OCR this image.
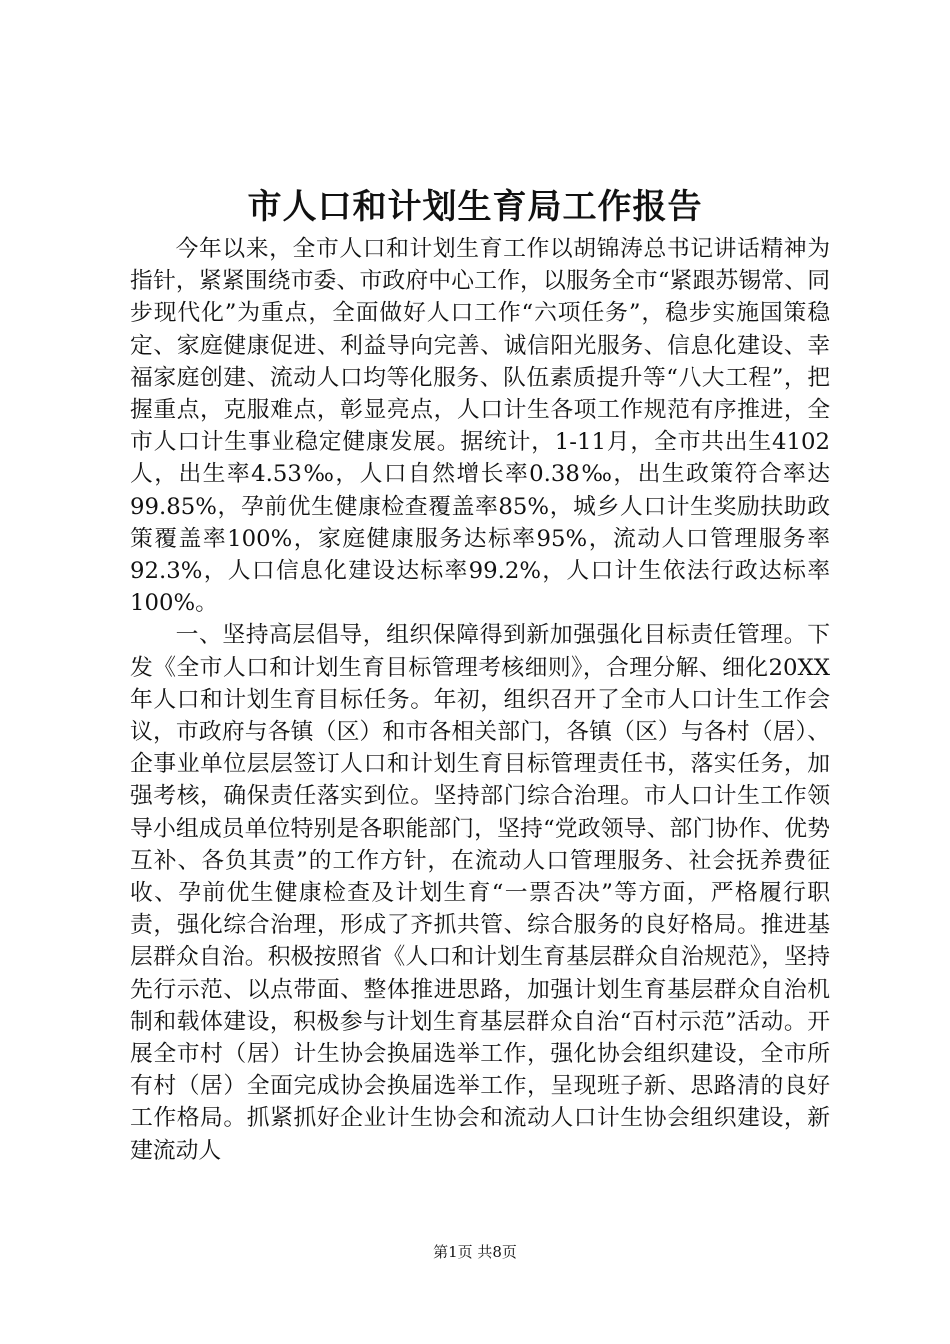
市人口和计划生育局工作报告

今年以来，全市人口和计划生育工作以胡锦涛总书记讲话精神为指针，紧紧围绕市委、市政府中心工作，以服务全市“紧跟苏锡常、同步现代化”为重点，全面做好人口工作“六项任务”，稳步实施国策稳定、家庭健康促进、利益导向完善、诚信阳光服务、信息化建设、幸福家庭创建、流动人口均等化服务、队伍素质提升等“八大工程”，把握重点，克服难点，彰显亮点，人口计生各项工作规范有序推进，全市人口计生事业稳定健康发展。据统计，1-11月，全市共出生4102人，出生率4.53‰，人口自然增长率0.38‰，出生政策符合率达99.85%，孕前优生健康检查覆盖率85%，城乡人口计生奖励扶助政策覆盖率100%，家庭健康服务达标率95%，流动人口管理服务率92.3%，人口信息化建设达标率99.2%，人口计生依法行政达标率100%。

一、坚持高层倡导，组织保障得到新加强强化目标责任管理。下发《全市人口和计划生育目标管理考核细则》，合理分解、细化20XX年人口和计划生育目标任务。年初，组织召开了全市人口计生工作会议，市政府与各镇（区）和市各相关部门，各镇（区）与各村（居）、企事业单位层层签订人口和计划生育目标管理责任书，落实任务，加强考核，确保责任落实到位。坚持部门综合治理。市人口计生工作领导小组成员单位特别是各职能部门，坚持“党政领导、部门协作、优势互补、各负其责”的工作方针，在流动人口管理服务、社会抚养费征收、孕前优生健康检查及计划生育“一票否决”等方面，严格履行职责，强化综合治理，形成了齐抓共管、综合服务的良好格局。推进基层群众自治。积极按照省《人口和计划生育基层群众自治规范》，坚持先行示范、以点带面、整体推进思路，加强计划生育基层群众自治机制和载体建设，积极参与计划生育基层群众自治“百村示范”活动。开展全市村（居）计生协会换届选举工作，强化协会组织建设，全市所有村（居）全面完成协会换届选举工作，呈现班子新、思路清的良好工作格局。抓紧抓好企业计生协会和流动人口计生协会组织建设，新建流动人

第1页 共8页
